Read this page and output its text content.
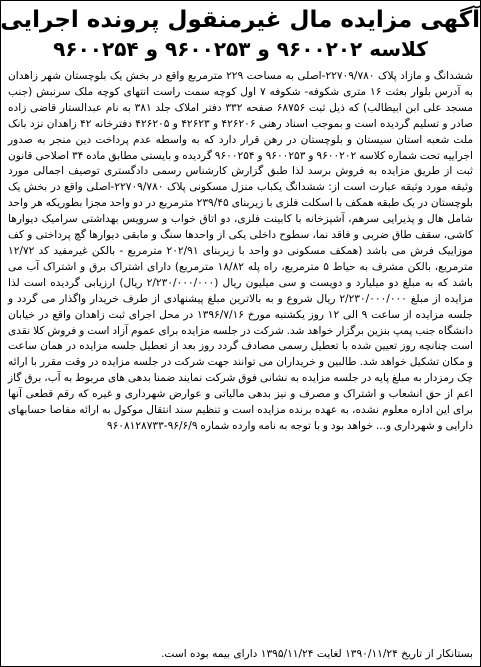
آگهی مزایده مال غیرمنقول پرونده اجرایی
کلاسه ۹۶۰۰۲۰۲ و ۹۶۰۰۲۵۳ و ۹۶۰۰۲۵۴

ششدانگ و مازاد پلاک ۲۲۷۰۹/۷۸۰-اصلی به مساحت ۲۲۹ مترمربع واقع در بخش یک بلوچستان شهر زاهدان به آدرس بلوار بعثت ۱۶ متری شکوفه- شکوفه ۷ اول کوچه سمت راست انتهای کوچه ملک سرنبش (جنب مسجد علی ابن ابیطالب) که ذیل ثبت ۶۸۷۵۶ صفحه ۳۳۲ دفتر املاک جلد ۳۸۱ به نام عبدالستار قاضی زاده صادر و تسلیم گردیده است و بموجب اسناد رهنی ۴۲۶۲۰۶ و ۴۲۶۲۳ و ۴۲۶۲۰۵ دفترخانه ۴۲ زاهدان نزد بانک ملت شعبه استان سیستان و بلوچستان در رهن قرار دارد که به واسطه عدم پرداخت دین منجر به صدور اجراییه تحت شماره کلاسه ۹۶۰۰۲۰۲ و ۹۶۰۰۲۵۳ و ۹۶۰۰۲۵۴ گردیده و بایستی مطابق ماده ۳۴ اصلاحی قانون ثبت از طریق مزایده به فروش برسد لذا طبق گزارش کارشناس رسمی دادگستری توصیف اجمالی مورد وثیقه مورد وثیقه عبارت است از: ششدانگ یکباب منزل مسکونی پلاک ۲۲۷۰۹/۷۸۰-اصلی واقع در بخش یک بلوچستان در یک طبقه همکف با اسکلت فلزی با زیربنای ۲۳۹/۴۵ مترمربع در دو واحد مجزا بطوریکه هر واحد شامل هال و پذیرایی سرهم، آشپزخانه با کابینت فلزی، دو اتاق خواب و سرویس بهداشتی سرامیک دیوارها کاشی، سقف طاق ضربی و فاقد نما، سطوح داخلی یکی از واحدها سنگ و مابقی دیوارها گچ پرداختی و کف موزاییک فرش می باشد (همکف مسکونی دو واحد با زیربنای ۲۰۲/۹۱ مترمربع - بالکن غیرمفید کد ۱۲/۷۲ مترمربع، بالکن مشرف به حیاط ۵ مترمربع، راه پله ۱۸/۸۲ مترمربع) دارای اشتراک برق و اشتراک آب می باشد که به مبلغ دو میلیارد و دویست و سی میلیون ریال (۲/۲۳۰/۰۰۰/۰۰۰ ریال) ارزیابی گردیده است لذا مزایده از مبلغ ۲/۲۳۰/۰۰۰/۰۰۰ ریال شروع و به بالاترین مبلغ پیشنهادی از طرف خریدار واگذار می گردد و جلسه مزایده از ساعت ۹ الی ۱۲ روز یکشنبه مورخ ۱۳۹۶/۷/۱۶ در محل اجرای ثبت زاهدان واقع در خیابان دانشگاه جنب پمپ بنزین برگزار خواهد شد. شرکت در جلسه مزایده برای عموم آزاد است و فروش کلا نقدی است چنانچه روز تعیین شده با تعطیل رسمی مصادف گردد روز بعد از تعطیل جلسه مزایده در همان ساعت و مکان تشکیل خواهد شد. طالبین و خریداران می توانند جهت شرکت در جلسه مزایده در وقت مقرر با ارائه چک رمزدار به مبلغ پایه در جلسه مزایده به نشانی فوق شرکت نمایند ضمنا بدهی های مربوط به آب، برق گاز اعم از حق انشعاب و اشتراک و مصرف و نیز بدهی مالیاتی و عوارض شهرداری و غیره که رقم قطعی آنها برای این اداره معلوم نشده، به عهده برنده مزایده است و تنظیم سند انتقال موکول به ارائه مفاصا حسابهای دارایی و شهرداری و... خواهد بود و با توجه به نامه وارده شماره ۹۶/۶/۹-۹۶۰۸۱۲۸۷۳۳

بستانکار از تاریخ ۱۳۹۰/۱۱/۲۴ لغایت ۱۳۹۵/۱۱/۲۴ دارای بیمه بوده است.
